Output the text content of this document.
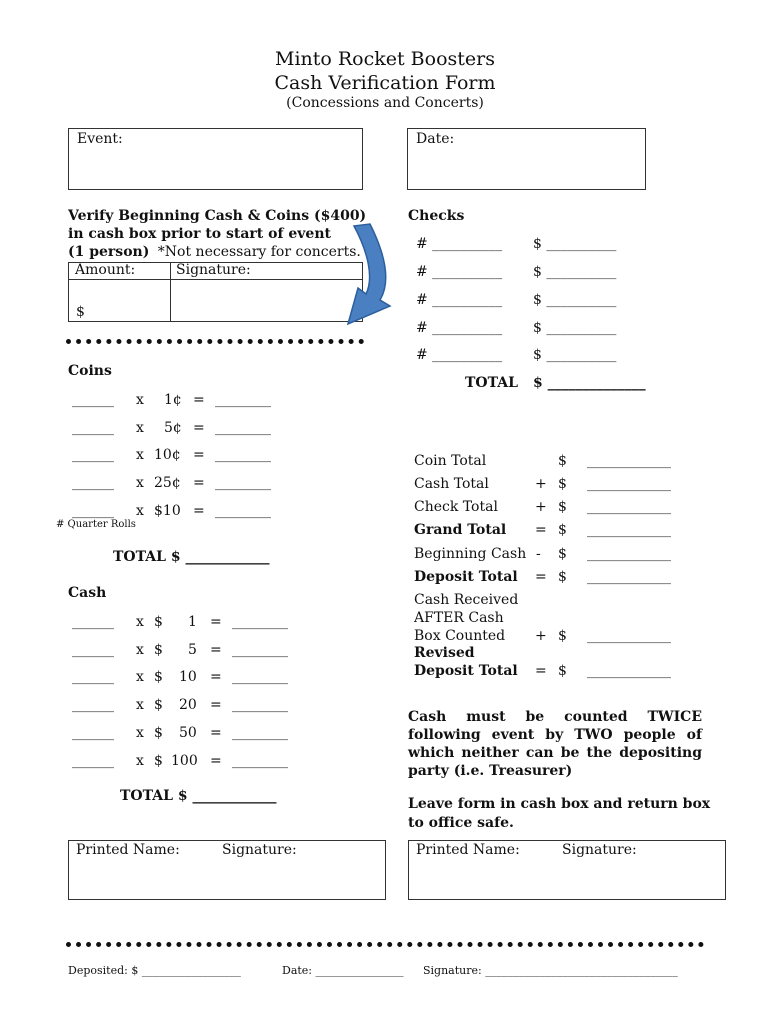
Minto Rocket Boosters
Cash Verification Form
(Concessions and Concerts)
Event:	Date:
Verify Beginning Cash & Coins ($400)
in cash box prior to start of event
(1 person) *Not necessary for concerts.
Amount:	Signature:
$
Coins
______ x 1¢ = ________
______ x 5¢ = ________
______ x 10¢ = ________
______ x 25¢ = ________
______ x $10 = ________
# Quarter Rolls
TOTAL $ ____________
Cash
______ x $ 1 = ________
______ x $ 5 = ________
______ x $ 10 = ________
______ x $ 20 = ________
______ x $ 50 = ________
______ x $ 100 = ________
TOTAL $ ____________
Checks
# __________ $ __________
# __________ $ __________
# __________ $ __________
# __________ $ __________
# __________ $ __________
TOTAL $ ______________
Coin Total	$ ____________
Cash Total	+ $ ____________
Check Total	+ $ ____________
Grand Total = $ ____________
Beginning Cash - $ ____________
Deposit Total = $ ____________
Cash Received
AFTER Cash
Box Counted + $ ____________
Revised
Deposit Total = $ ____________
Cash must be counted TWICE
following event by TWO people of
which neither can be the depositing
party (i.e. Treasurer)
Leave form in cash box and return box
to office safe.
Printed Name:	Signature:	Printed Name:	Signature:
Deposited: $ __________________	Date: ________________ Signature: ___________________________________
